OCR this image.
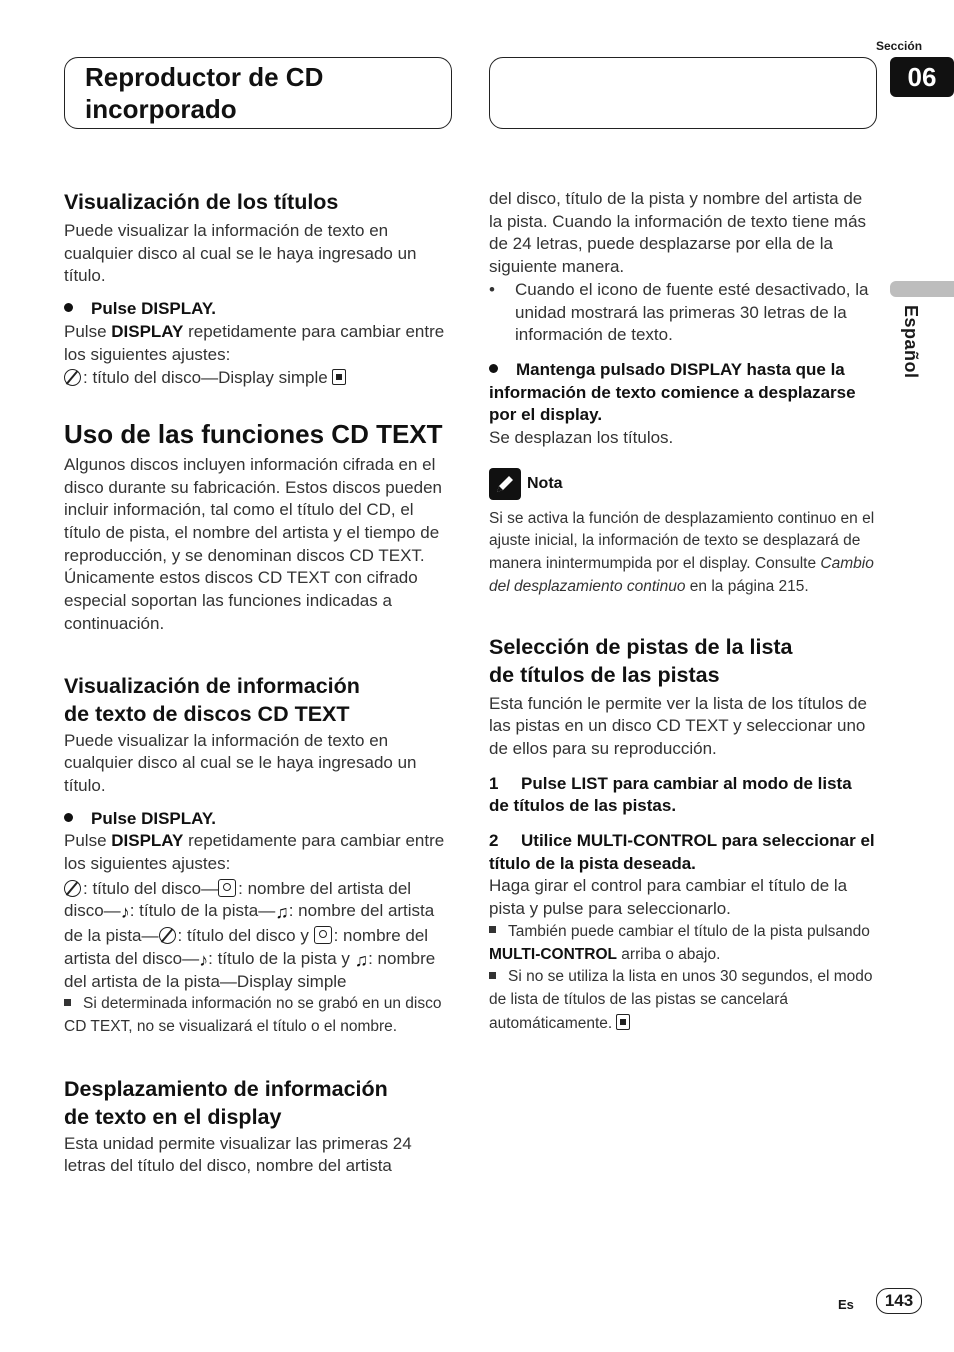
Reproductor de CD
incorporado
Sección
06
Español
Visualización de los títulos

Puede visualizar la información de texto en cualquier disco al cual se le haya ingresado un título.

Pulse DISPLAY.

Pulse DISPLAY repetidamente para cambiar entre los siguientes ajustes:

: título del disco—Display simple

Uso de las funciones CD TEXT

Algunos discos incluyen información cifrada en el disco durante su fabricación. Estos discos pueden incluir información, tal como el título del CD, el título de pista, el nombre del artista y el tiempo de reproducción, y se denominan discos CD TEXT. Únicamente estos discos CD TEXT con cifrado especial soportan las funciones indicadas a continuación.

Visualización de información
de texto de discos CD TEXT

Puede visualizar la información de texto en cualquier disco al cual se le haya ingresado un título.

Pulse DISPLAY.

Pulse DISPLAY repetidamente para cambiar entre los siguientes ajustes:

: título del disco— : nombre del artista del disco—♪: título de la pista—♫: nombre del artista de la pista— : título del disco y : nombre del artista del disco—♪: título de la pista y ♫: nombre del artista de la pista—Display simple

Si determinada información no se grabó en un disco CD TEXT, no se visualizará el título o el nombre.
Desplazamiento de información
de texto en el display

Esta unidad permite visualizar las primeras 24 letras del título del disco, nombre del artista

del disco, título de la pista y nombre del artista de la pista. Cuando la información de texto tiene más de 24 letras, puede desplazarse por ella de la siguiente manera.

• Cuando el icono de fuente esté desactivado, la unidad mostrará las primeras 30 letras de la información de texto.

Mantenga pulsado DISPLAY hasta que la información de texto comience a desplazarse por el display.

Se desplazan los títulos.

Nota
Si se activa la función de desplazamiento continuo en el ajuste inicial, la información de texto se desplazará de manera inintermumpida por el display. Consulte Cambio del desplazamiento continuo en la página 215.
Selección de pistas de la lista
de títulos de las pistas

Esta función le permite ver la lista de los títulos de las pistas en un disco CD TEXT y seleccionar uno de ellos para su reproducción.

1 Pulse LIST para cambiar al modo de lista de títulos de las pistas.
2 Utilice MULTI-CONTROL para seleccionar el título de la pista deseada.

Haga girar el control para cambiar el título de la pista y pulse para seleccionarlo.

También puede cambiar el título de la pista pulsando MULTI-CONTROL arriba o abajo.
Si no se utiliza la lista en unos 30 segundos, el modo de lista de títulos de las pistas se cancelará automáticamente.
Es	143
